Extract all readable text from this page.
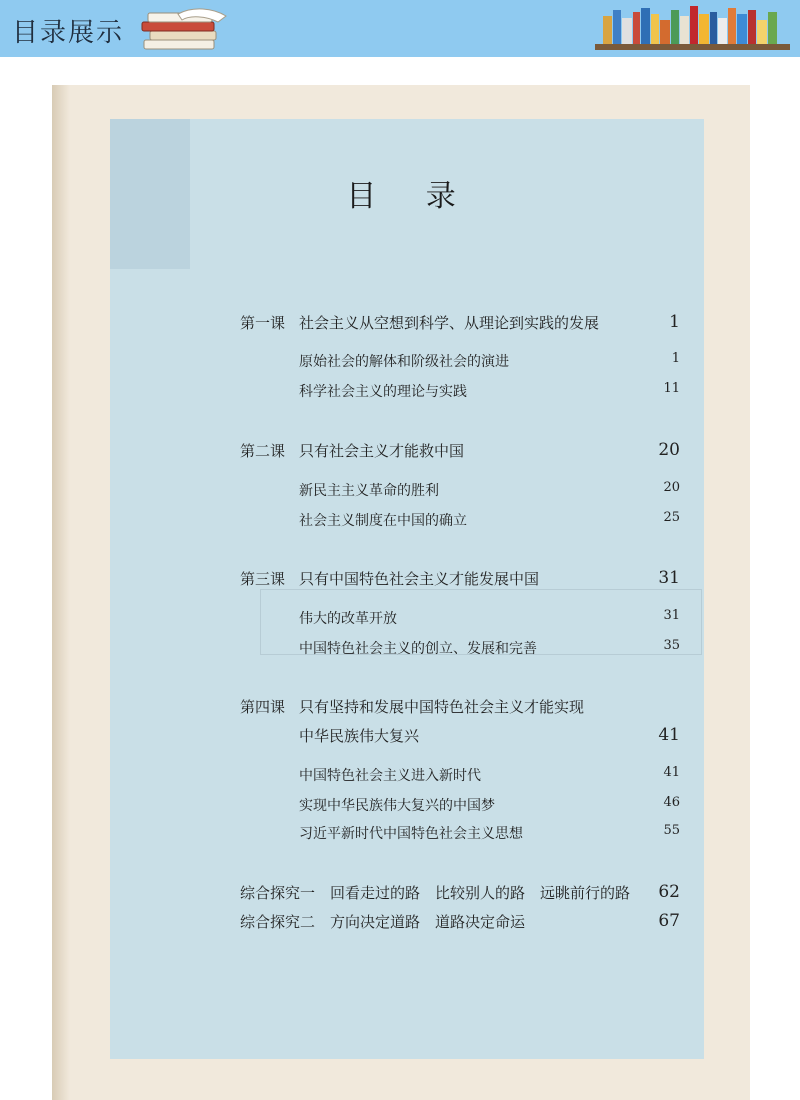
目录展示
目 录
第一课 社会主义从空想到科学、从理论到实践的发展	1
原始社会的解体和阶级社会的演进	1
科学社会主义的理论与实践	11
第二课 只有社会主义才能救中国	20
新民主主义革命的胜利	20
社会主义制度在中国的确立	25
第三课 只有中国特色社会主义才能发展中国	31
伟大的改革开放	31
中国特色社会主义的创立、发展和完善	35
第四课 只有坚持和发展中国特色社会主义才能实现
中华民族伟大复兴	41
中国特色社会主义进入新时代	41
实现中华民族伟大复兴的中国梦	46
习近平新时代中国特色社会主义思想	55
综合探究一　回看走过的路　比较别人的路　远眺前行的路 62
综合探究二　方向决定道路　道路决定命运	67
